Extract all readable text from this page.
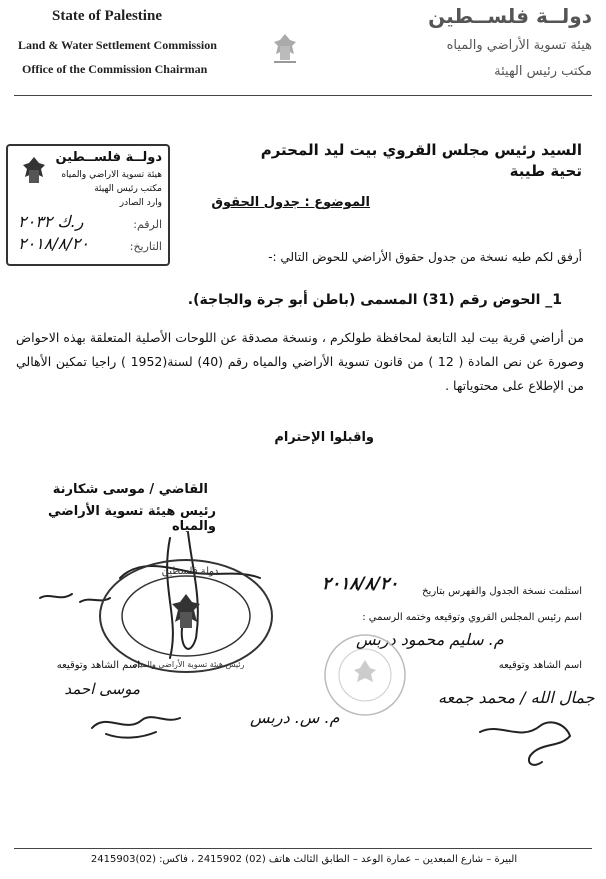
State of Palestine
Land & Water Settlement Commission
Office of the Commission Chairman
دولــة فلســطين
هيئة تسوية الأراضي والمياه
مكتب رئيس الهيئة
دولــة فلســطين
هيئة تسوية الاراضي والمياه
مكتب رئيس الهيئة
وارد الصادر
الرقم:
ر.ك ٢٠٣٢
التاريخ:
٢٠١٨/٨/٢٠
السيد رئيس مجلس القروي بيت ليد المحترم
تحية طيبة
الموضوع : جدول الحقوق
أرفق لكم طيه نسخة من جدول حقوق الأراضي للحوض التالي :-
1_ الحوض رقم (31) المسمى (باطن أبو جرة والجاجة).
من أراضي قرية بيت ليد التابعة لمحافظة طولكرم ، ونسخة مصدقة عن اللوحات الأصلية المتعلقة بهذه الاحواض وصورة عن نص المادة ( 12 ) من قانون تسوية الأراضي والمياه رقم (40) لسنة(1952 ) راجيا تمكين الأهالي من الإطلاع على محتوياتها .
واقبلوا الإحترام
القاضي / موسى شكارنة
رئيس هيئة تسوية الأراضي والمياه
دولة فلسطين
رئيس هيئة تسوية الأراضي والمياه
استلمت نسخة الجدول والفهرس بتاريخ
٢٠١٨/٨/٢٠
اسم رئيس المجلس القروي وتوقيعه وختمه الرسمي :
م. سليم محمود دربس
اسم الشاهد وتوقيعه
جمال الله / محمد جمعه
اسم الشاهد وتوقيعه
موسى احمد
م. س. دربس
البيرة – شارع المبعدين – عمارة الوعد – الطابق الثالث هاتف (02) 2415902 ، فاكس: (02)2415903
